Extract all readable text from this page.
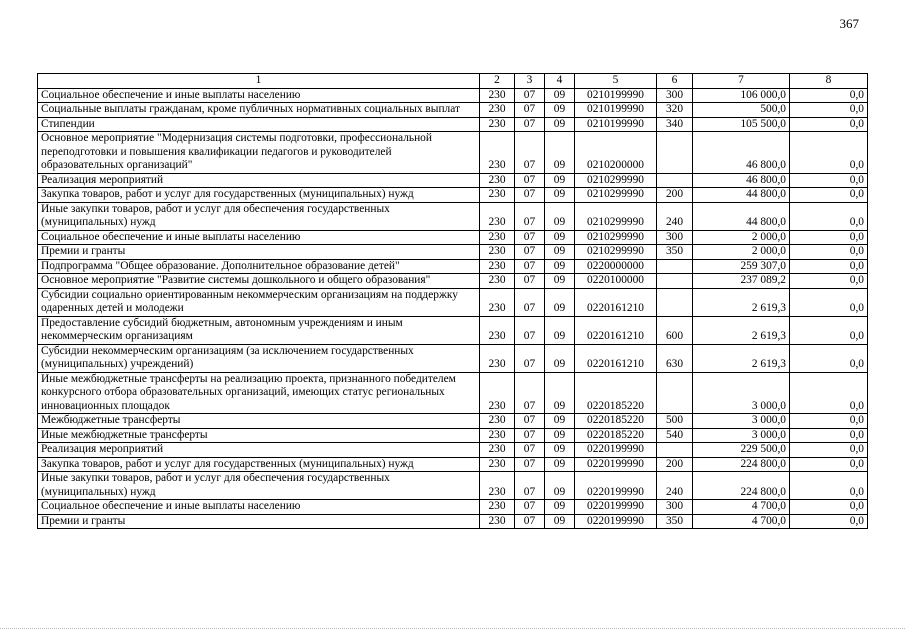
367
1	2	3	4	5	6	7	8
Социальное обеспечение и иные выплаты населению	230	07	09	0210199990	300	106 000,0	0,0
Социальные выплаты гражданам, кроме публичных нормативных социальных выплат	230	07	09	0210199990	320	500,0	0,0
Стипендии	230	07	09	0210199990	340	105 500,0	0,0
Основное мероприятие "Модернизация системы подготовки, профессиональной переподготовки и повышения квалификации педагогов и руководителей образовательных организаций"	230	07	09	0210200000		46 800,0	0,0
Реализация мероприятий	230	07	09	0210299990		46 800,0	0,0
Закупка товаров, работ и услуг для государственных (муниципальных) нужд	230	07	09	0210299990	200	44 800,0	0,0
Иные закупки товаров, работ и услуг для обеспечения государственных (муниципальных) нужд	230	07	09	0210299990	240	44 800,0	0,0
Социальное обеспечение и иные выплаты населению	230	07	09	0210299990	300	2 000,0	0,0
Премии и гранты	230	07	09	0210299990	350	2 000,0	0,0
Подпрограмма "Общее образование. Дополнительное образование детей"	230	07	09	0220000000		259 307,0	0,0
Основное мероприятие "Развитие системы дошкольного и общего образования"	230	07	09	0220100000		237 089,2	0,0
Субсидии социально ориентированным некоммерческим организациям на поддержку одаренных детей и молодежи	230	07	09	0220161210		2 619,3	0,0
Предоставление субсидий бюджетным, автономным учреждениям и иным некоммерческим организациям	230	07	09	0220161210	600	2 619,3	0,0
Субсидии некоммерческим организациям (за исключением государственных (муниципальных) учреждений)	230	07	09	0220161210	630	2 619,3	0,0
Иные межбюджетные трансферты на реализацию проекта, признанного победителем конкурсного отбора образовательных организаций, имеющих статус региональных инновационных площадок	230	07	09	0220185220		3 000,0	0,0
Межбюджетные трансферты	230	07	09	0220185220	500	3 000,0	0,0
Иные межбюджетные трансферты	230	07	09	0220185220	540	3 000,0	0,0
Реализация мероприятий	230	07	09	0220199990		229 500,0	0,0
Закупка товаров, работ и услуг для государственных (муниципальных) нужд	230	07	09	0220199990	200	224 800,0	0,0
Иные закупки товаров, работ и услуг для обеспечения государственных (муниципальных) нужд	230	07	09	0220199990	240	224 800,0	0,0
Социальное обеспечение и иные выплаты населению	230	07	09	0220199990	300	4 700,0	0,0
Премии и гранты	230	07	09	0220199990	350	4 700,0	0,0
